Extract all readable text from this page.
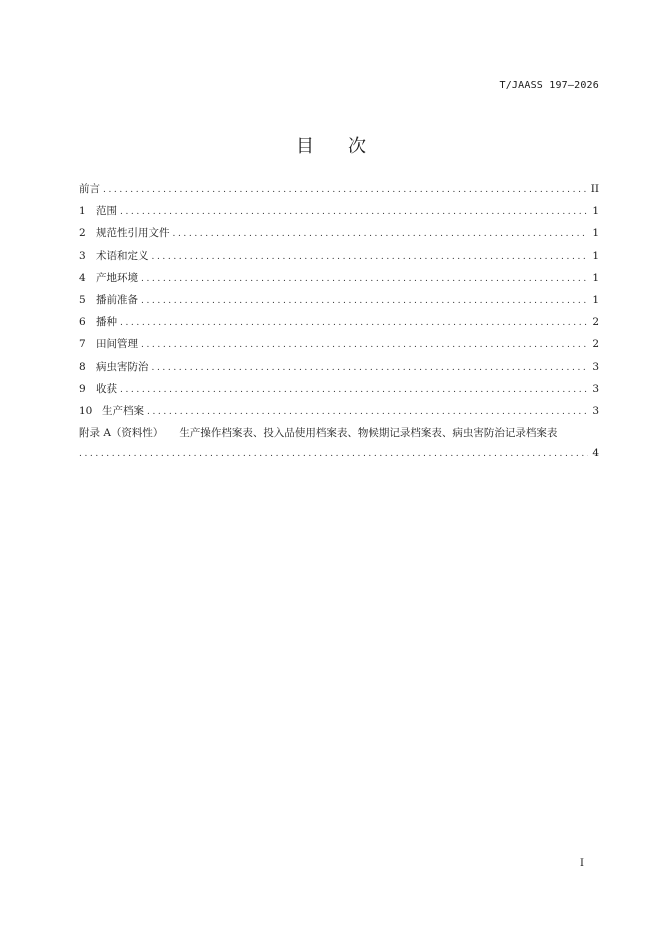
T/JAASS 197—2026
目 次
前言 .....	II
1 范围 .....	1
2 规范性引用文件 .....	1
3 术语和定义 .....	1
4 产地环境 .....	1
5 播前准备 .....	1
6 播种 .....	2
7 田间管理 .....	2
8 病虫害防治 .....	3
9 收获 .....	3
10 生产档案 .....	3
附录 A（资料性） 生产操作档案表、投入品使用档案表、物候期记录档案表、病虫害防治记录档案表
.....
4
I
